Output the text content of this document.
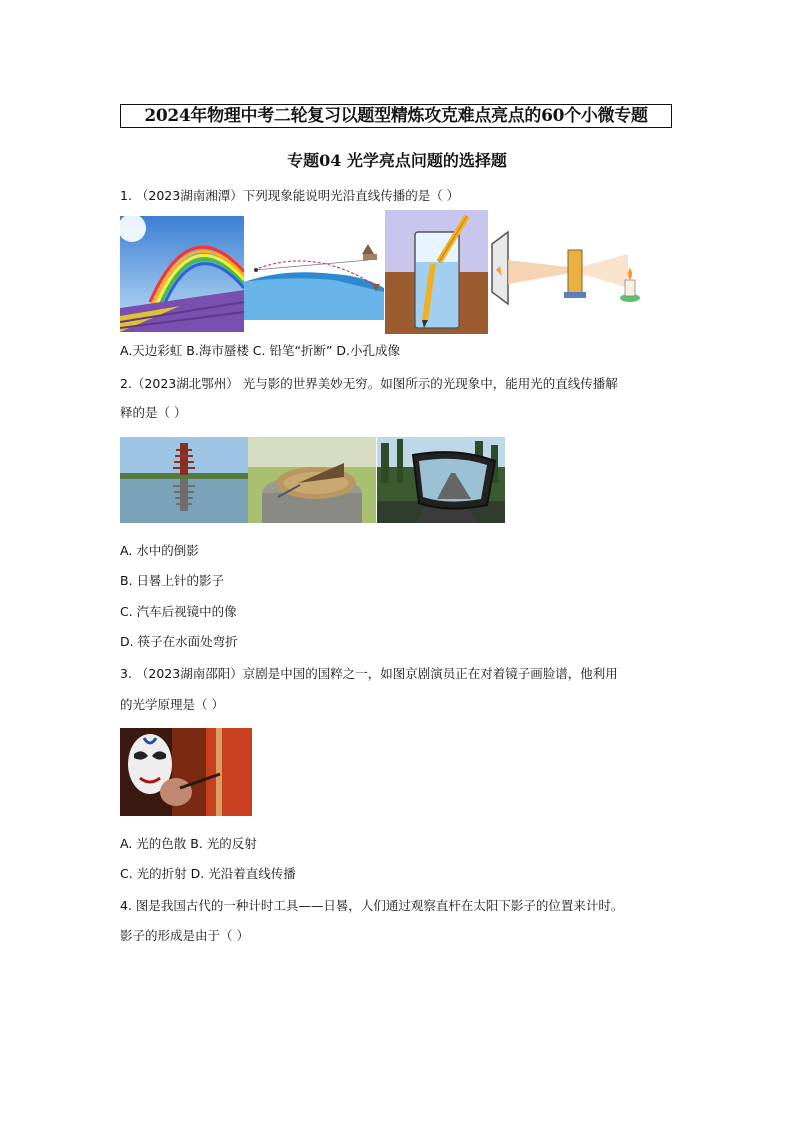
2024年物理中考二轮复习以题型精炼攻克难点亮点的60个小微专题
专题04 光学亮点问题的选择题
1. （2023湖南湘潭）下列现象能说明光沿直线传播的是（ ）
A.天边彩虹 B.海市蜃楼 C. 铅笔“折断” D.小孔成像
2.（2023湖北鄂州） 光与影的世界美妙无穷。如图所示的光现象中，能用光的直线传播解
释的是（ ）
A. 水中的倒影
B. 日晷上针的影子
C. 汽车后视镜中的像
D. 筷子在水面处弯折
3. （2023湖南邵阳）京剧是中国的国粹之一，如图京剧演员正在对着镜子画脸谱，他利用
的光学原理是（ ）
A. 光的色散 B. 光的反射
C. 光的折射 D. 光沿着直线传播
4. 图是我国古代的一种计时工具——日晷，人们通过观察直杆在太阳下影子的位置来计时。
影子的形成是由于（ ）
